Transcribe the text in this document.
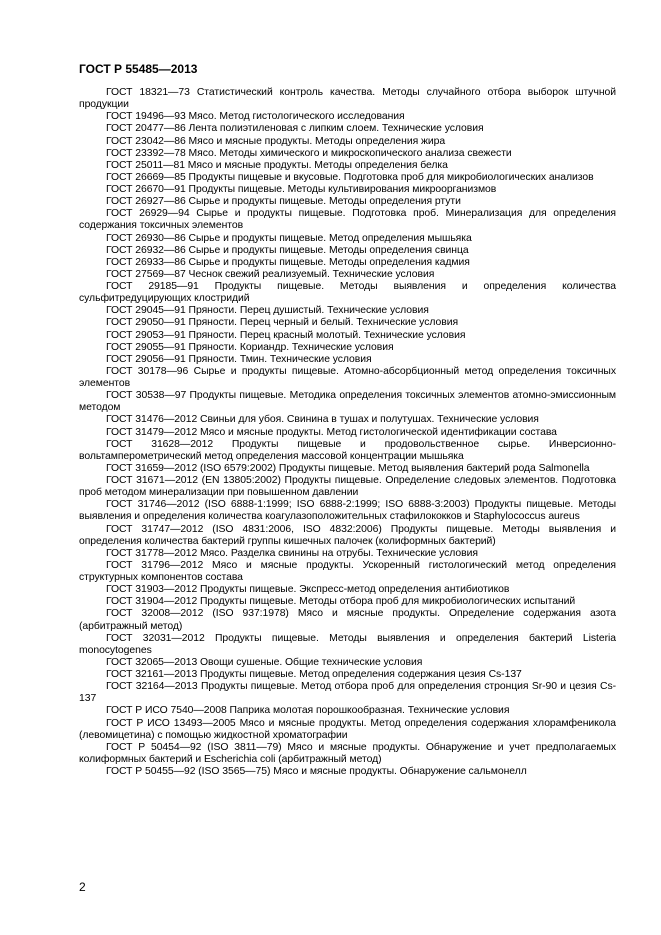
ГОСТ Р 55485—2013

ГОСТ 18321—73 Статистический контроль качества. Методы случайного отбора выборок штучной продукции

ГОСТ 19496—93 Мясо. Метод гистологического исследования

ГОСТ 20477—86 Лента полиэтиленовая с липким слоем. Технические условия

ГОСТ 23042—86 Мясо и мясные продукты. Методы определения жира

ГОСТ 23392—78 Мясо. Методы химического и микроскопического анализа свежести

ГОСТ 25011—81 Мясо и мясные продукты. Методы определения белка

ГОСТ 26669—85 Продукты пищевые и вкусовые. Подготовка проб для микробиологических анализов

ГОСТ 26670—91 Продукты пищевые. Методы культивирования микроорганизмов

ГОСТ 26927—86 Сырье и продукты пищевые. Методы определения ртути

ГОСТ 26929—94 Сырье и продукты пищевые. Подготовка проб. Минерализация для определения содержания токсичных элементов

ГОСТ 26930—86 Сырье и продукты пищевые. Метод определения мышьяка

ГОСТ 26932—86 Сырье и продукты пищевые. Методы определения свинца

ГОСТ 26933—86 Сырье и продукты пищевые. Методы определения кадмия

ГОСТ 27569—87 Чеснок свежий реализуемый. Технические условия

ГОСТ 29185—91 Продукты пищевые. Методы выявления и определения количества сульфитредуцирующих клостридий

ГОСТ 29045—91 Пряности. Перец душистый. Технические условия

ГОСТ 29050—91 Пряности. Перец черный и белый. Технические условия

ГОСТ 29053—91 Пряности. Перец красный молотый. Технические условия

ГОСТ 29055—91 Пряности. Кориандр. Технические условия

ГОСТ 29056—91 Пряности. Тмин. Технические условия

ГОСТ 30178—96 Сырье и продукты пищевые. Атомно-абсорбционный метод определения токсичных элементов

ГОСТ 30538—97 Продукты пищевые. Методика определения токсичных элементов атомно-эмиссионным методом

ГОСТ 31476—2012 Свиньи для убоя. Свинина в тушах и полутушах. Технические условия

ГОСТ 31479—2012 Мясо и мясные продукты. Метод гистологической идентификации состава

ГОСТ 31628—2012 Продукты пищевые и продовольственное сырье. Инверсионно-вольтамперометрический метод определения массовой концентрации мышьяка

ГОСТ 31659—2012 (ISO 6579:2002) Продукты пищевые. Метод выявления бактерий рода Salmonella

ГОСТ 31671—2012 (EN 13805:2002) Продукты пищевые. Определение следовых элементов. Подготовка проб методом минерализации при повышенном давлении

ГОСТ 31746—2012 (ISO 6888-1:1999; ISO 6888-2:1999; ISO 6888-3:2003) Продукты пищевые. Методы выявления и определения количества коагулазоположительных стафилококков и Staphylococcus aureus

ГОСТ 31747—2012 (ISO 4831:2006, ISO 4832:2006) Продукты пищевые. Методы выявления и определения количества бактерий группы кишечных палочек (колиформных бактерий)

ГОСТ 31778—2012 Мясо. Разделка свинины на отрубы. Технические условия

ГОСТ 31796—2012 Мясо и мясные продукты. Ускоренный гистологический метод определения структурных компонентов состава

ГОСТ 31903—2012 Продукты пищевые. Экспресс-метод определения антибиотиков

ГОСТ 31904—2012 Продукты пищевые. Методы отбора проб для микробиологических испытаний

ГОСТ 32008—2012 (ISO 937:1978) Мясо и мясные продукты. Определение содержания азота (арбитражный метод)

ГОСТ 32031—2012 Продукты пищевые. Методы выявления и определения бактерий Listeria monocytogenes

ГОСТ 32065—2013 Овощи сушеные. Общие технические условия

ГОСТ 32161—2013 Продукты пищевые. Метод определения содержания цезия Cs-137

ГОСТ 32164—2013 Продукты пищевые. Метод отбора проб для определения стронция Sr-90 и цезия Cs-137

ГОСТ Р ИСО 7540—2008 Паприка молотая порошкообразная. Технические условия

ГОСТ Р ИСО 13493—2005 Мясо и мясные продукты. Метод определения содержания хлорамфеникола (левомицетина) с помощью жидкостной хроматографии

ГОСТ Р 50454—92 (ISO 3811—79) Мясо и мясные продукты. Обнаружение и учет предполагаемых колиформных бактерий и Escherichia coli (арбитражный метод)

ГОСТ Р 50455—92 (ISO 3565—75) Мясо и мясные продукты. Обнаружение сальмонелл

2
